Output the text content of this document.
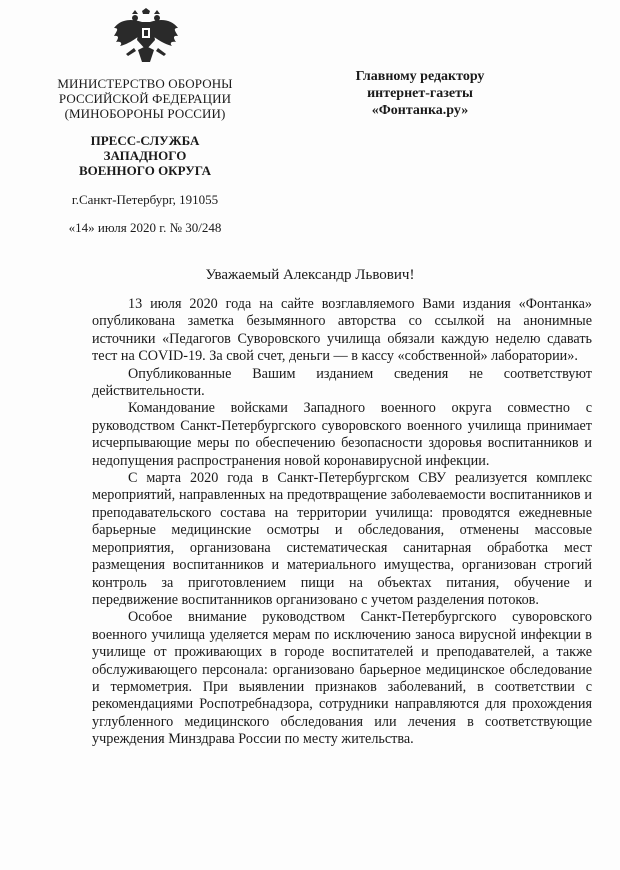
МИНИСТЕРСТВО ОБОРОНЫ
РОССИЙСКОЙ ФЕДЕРАЦИИ
(МИНОБОРОНЫ РОССИИ)
ПРЕСС-СЛУЖБА
ЗАПАДНОГО
ВОЕННОГО ОКРУГА
г.Санкт-Петербург, 191055
«14» июля 2020 г. № 30/248
Главному редактору
интернет-газеты
«Фонтанка.ру»
Уважаемый Александр Львович!

13 июля 2020 года на сайте возглавляемого Вами издания «Фонтанка» опубликована заметка безымянного авторства со ссылкой на анонимные источники «Педагогов Суворовского училища обязали каждую неделю сдавать тест на COVID-19. За свой счет, деньги — в кассу «собственной» лаборатории».

Опубликованные Вашим изданием сведения не соответствуют действительности.

Командование войсками Западного военного округа совместно с руководством Санкт-Петербургского суворовского военного училища принимает исчерпывающие меры по обеспечению безопасности здоровья воспитанников и недопущения распространения новой коронавирусной инфекции.

С марта 2020 года в Санкт-Петербургском СВУ реализуется комплекс мероприятий, направленных на предотвращение заболеваемости воспитанников и преподавательского состава на территории училища: проводятся ежедневные барьерные медицинские осмотры и обследования, отменены массовые мероприятия, организована систематическая санитарная обработка мест размещения воспитанников и материального имущества, организован строгий контроль за приготовлением пищи на объектах питания, обучение и передвижение воспитанников организовано с учетом разделения потоков.

Особое внимание руководством Санкт-Петербургского суворовского военного училища уделяется мерам по исключению заноса вирусной инфекции в училище от проживающих в городе воспитателей и преподавателей, а также обслуживающего персонала: организовано барьерное медицинское обследование и термометрия. При выявлении признаков заболеваний, в соответствии с рекомендациями Роспотребнадзора, сотрудники направляются для прохождения углубленного медицинского обследования или лечения в соответствующие учреждения Минздрава России по месту жительства.
